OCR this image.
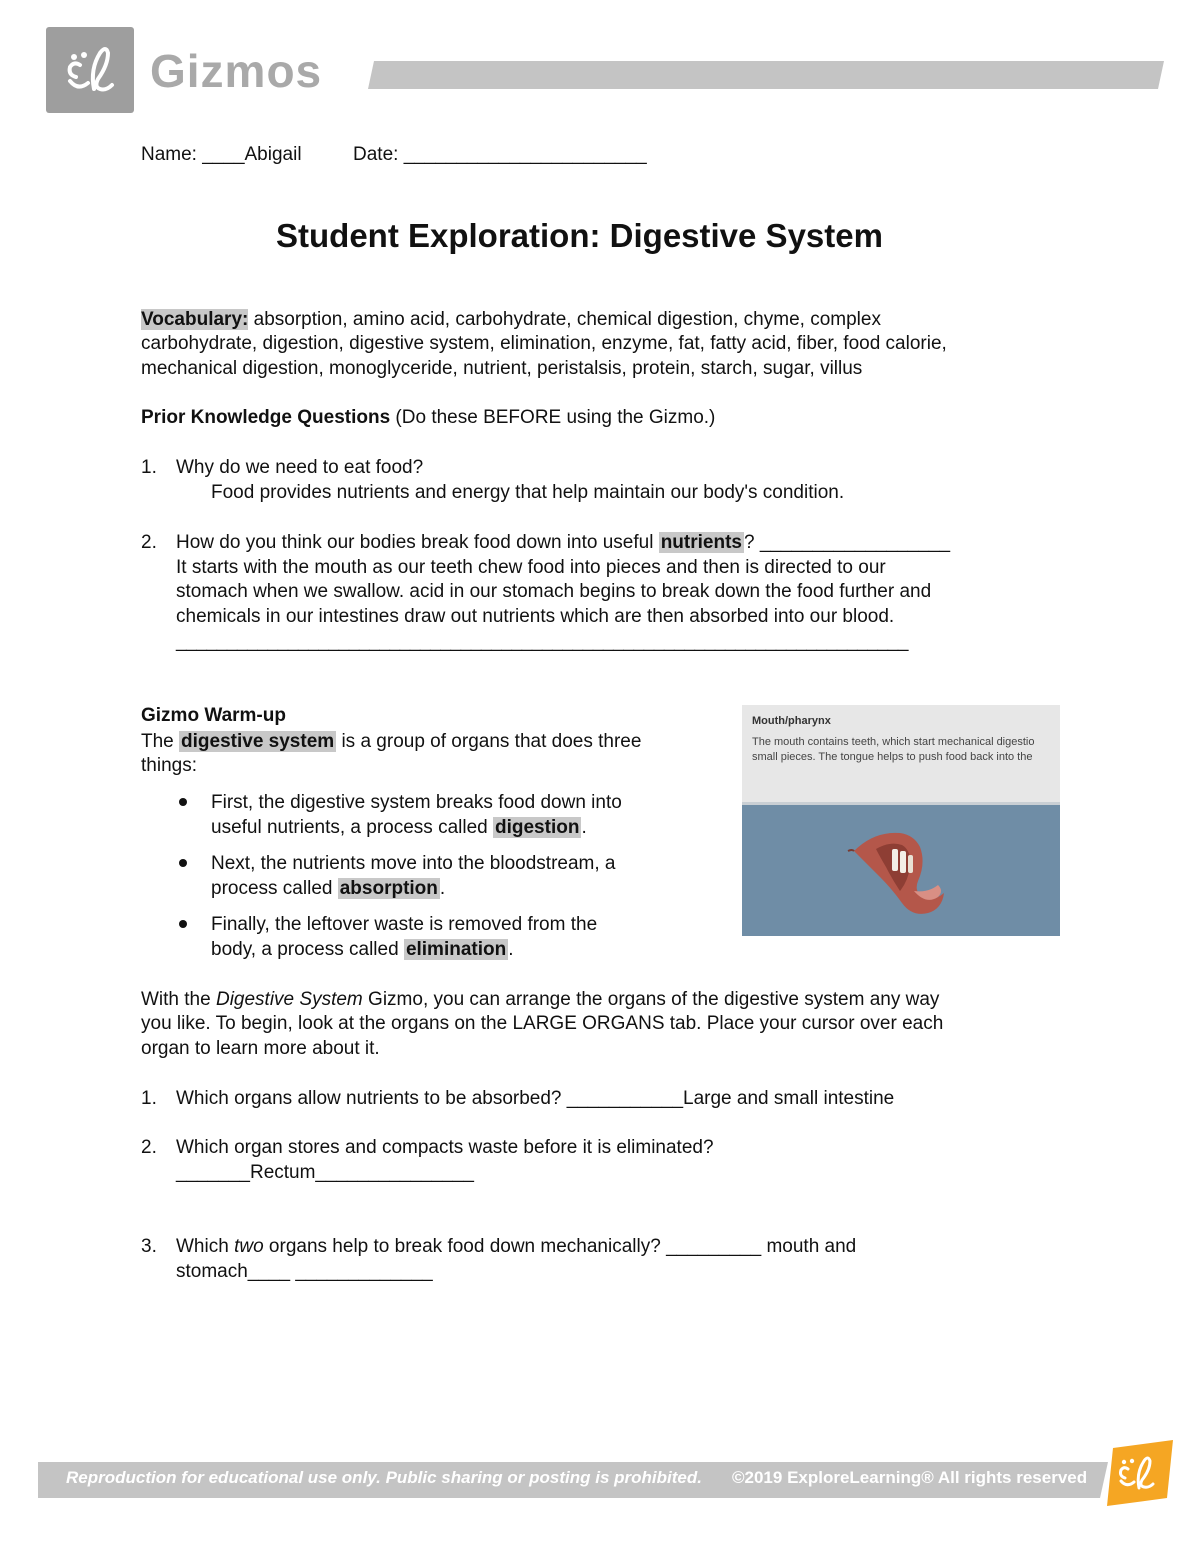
Gizmos
Name: ____Abigail	Date: _______________________
Student Exploration: Digestive System
Vocabulary: absorption, amino acid, carbohydrate, chemical digestion, chyme, complex
carbohydrate, digestion, digestive system, elimination, enzyme, fat, fatty acid, fiber, food calorie,
mechanical digestion, monoglyceride, nutrient, peristalsis, protein, starch, sugar, villus
Prior Knowledge Questions (Do these BEFORE using the Gizmo.)
1. Why do we need to eat food?
Food provides nutrients and energy that help maintain our body's condition.
2. How do you think our bodies break food down into useful nutrients ? __________________
It starts with the mouth as our teeth chew food into pieces and then is directed to our
stomach when we swallow. acid in our stomach begins to break down the food further and
chemicals in our intestines draw out nutrients which are then absorbed into our blood.
________________________________________________________________________
Gizmo Warm-up
The digestive system is a group of organs that does three
things:
First, the digestive system breaks food down into
useful nutrients, a process called digestion .
Next, the nutrients move into the bloodstream, a
process called absorption .
Finally, the leftover waste is removed from the
body, a process called elimination .
Mouth/pharynx
The mouth contains teeth, which start mechanical digestio
small pieces. The tongue helps to push food back into the
With the Digestive System Gizmo, you can arrange the organs of the digestive system any way
you like. To begin, look at the organs on the LARGE ORGANS tab. Place your cursor over each
organ to learn more about it.
1. Which organs allow nutrients to be absorbed? ___________Large and small intestine
2. Which organ stores and compacts waste before it is eliminated?
_______Rectum_______________
3. Which two organs help to break food down mechanically? _________ mouth and
stomach____ _____________
Reproduction for educational use only. Public sharing or posting is prohibited. ©2019 ExploreLearning® All rights reserved
